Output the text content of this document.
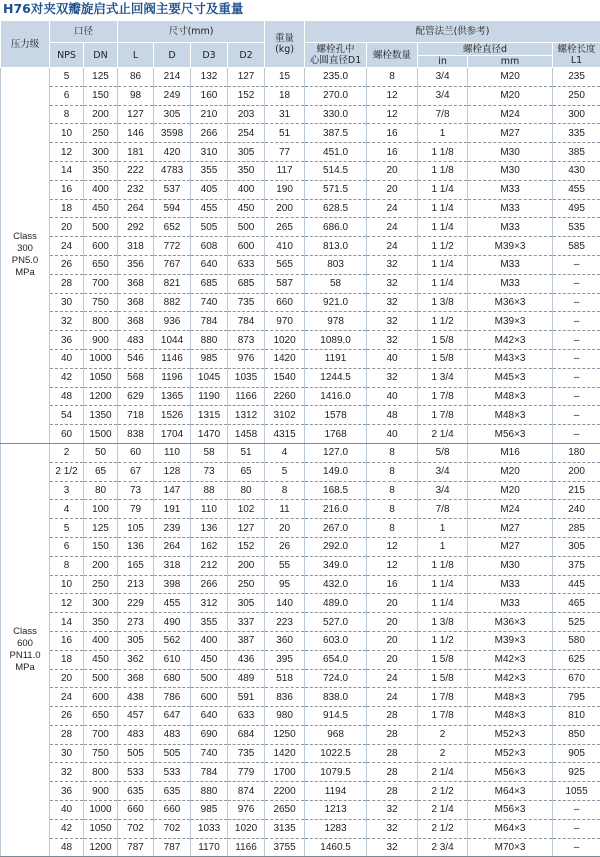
H76对夹双瓣旋启式止回阀主要尺寸及重量
压力级	口径		尺寸(mm)				重量
(kg)	配管法兰(供参考)				
	NPS	DN	L	D	D3	D2		螺栓孔中
心圆直径D1	螺栓数量	螺栓直径d		螺栓长度L1
										in	mm	

Class
300
PN5.0
MPa	5	125	86	214	132	127	15	235.0	8	3/4	M20	235
	6	150	98	249	160	152	18	270.0	12	3/4	M20	250
	8	200	127	305	210	203	31	330.0	12	7/8	M24	300
	10	250	146	3598	266	254	51	387.5	16	1	M27	335
	12	300	181	420	310	305	77	451.0	16	1 1/8	M30	385
	14	350	222	4783	355	350	117	514.5	20	1 1/8	M30	430
	16	400	232	537	405	400	190	571.5	20	1 1/4	M33	455
	18	450	264	594	455	450	200	628.5	24	1 1/4	M33	495
	20	500	292	652	505	500	265	686.0	24	1 1/4	M33	535
	24	600	318	772	608	600	410	813.0	24	1 1/2	M39×3	585
	26	650	356	767	640	633	565	803	32	1 1/4	M33	–
	28	700	368	821	685	685	587	58	32	1 1/4	M33	–
	30	750	368	882	740	735	660	921.0	32	1 3/8	M36×3	–
	32	800	368	936	784	784	970	978	32	1 1/2	M39×3	–
	36	900	483	1044	880	873	1020	1089.0	32	1 5/8	M42×3	–
	40	1000	546	1146	985	976	1420	1191	40	1 5/8	M43×3	–
	42	1050	568	1196	1045	1035	1540	1244.5	32	1 3/4	M45×3	–
	48	1200	629	1365	1190	1166	2260	1416.0	40	1 7/8	M48×3	–
	54	1350	718	1526	1315	1312	3102	1578	48	1 7/8	M48×3	–
	60	1500	838	1704	1470	1458	4315	1768	40	2 1/4	M56×3	–

Class
600
PN11.0
MPa	2	50	60	110	58	51	4	127.0	8	5/8	M16	180
	2 1/2	65	67	128	73	65	5	149.0	8	3/4	M20	200
	3	80	73	147	88	80	8	168.5	8	3/4	M20	215
	4	100	79	191	110	102	11	216.0	8	7/8	M24	240
	5	125	105	239	136	127	20	267.0	8	1	M27	285
	6	150	136	264	162	152	26	292.0	12	1	M27	305
	8	200	165	318	212	200	55	349.0	12	1 1/8	M30	375
	10	250	213	398	266	250	95	432.0	16	1 1/4	M33	445
	12	300	229	455	312	305	140	489.0	20	1 1/4	M33	465
	14	350	273	490	355	337	223	527.0	20	1 3/8	M36×3	525
	16	400	305	562	400	387	360	603.0	20	1 1/2	M39×3	580
	18	450	362	610	450	436	395	654.0	20	1 5/8	M42×3	625
	20	500	368	680	500	489	518	724.0	24	1 5/8	M42×3	670
	24	600	438	786	600	591	836	838.0	24	1 7/8	M48×3	795
	26	650	457	647	640	633	980	914.5	28	1 7/8	M48×3	810
	28	700	483	483	690	684	1250	968	28	2	M52×3	850
	30	750	505	505	740	735	1420	1022.5	28	2	M52×3	905
	32	800	533	533	784	779	1700	1079.5	28	2 1/4	M56×3	925
	36	900	635	635	880	874	2200	1194	28	2 1/2	M64×3	1055
	40	1000	660	660	985	976	2650	1213	32	2 1/4	M56×3	–
	42	1050	702	702	1033	1020	3135	1283	32	2 1/2	M64×3	–
	48	1200	787	787	1170	1166	3755	1460.5	32	2 3/4	M70×3	–
